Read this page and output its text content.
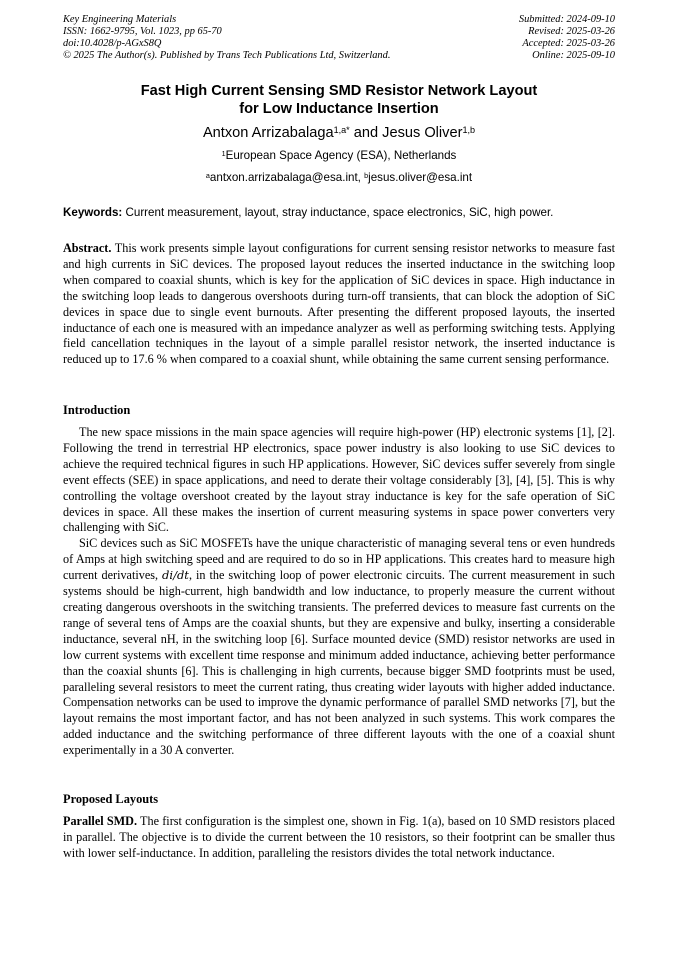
Key Engineering Materials
ISSN: 1662-9795, Vol. 1023, pp 65-70
doi:10.4028/p-AGxS8Q
© 2025 The Author(s). Published by Trans Tech Publications Ltd, Switzerland.
Submitted: 2024-09-10
Revised: 2025-03-26
Accepted: 2025-03-26
Online: 2025-09-10
Fast High Current Sensing SMD Resistor Network Layout
for Low Inductance Insertion
Antxon Arrizabalaga$^{1,a*}$ and Jesus Oliver$^{1,b}$
$^1$European Space Agency (ESA), Netherlands
$^a$antxon.arrizabalaga@esa.int, $^b$jesus.oliver@esa.int
Keywords: Current measurement, layout, stray inductance, space electronics, SiC, high power.
Abstract. This work presents simple layout configurations for current sensing resistor networks to measure fast and high currents in SiC devices. The proposed layout reduces the inserted inductance in the switching loop when compared to coaxial shunts, which is key for the application of SiC devices in space. High inductance in the switching loop leads to dangerous overshoots during turn-off transients, that can block the adoption of SiC devices in space due to single event burnouts. After presenting the different proposed layouts, the inserted inductance of each one is measured with an impedance analyzer as well as performing switching tests. Applying field cancellation techniques in the layout of a simple parallel resistor network, the inserted inductance is reduced up to 17.6 % when compared to a coaxial shunt, while obtaining the same current sensing performance.
Introduction

The new space missions in the main space agencies will require high-power (HP) electronic systems [1], [2]. Following the trend in terrestrial HP electronics, space power industry is also looking to use SiC devices to achieve the required technical figures in such HP applications. However, SiC devices suffer severely from single event effects (SEE) in space applications, and need to derate their voltage considerably [3], [4], [5]. This is why controlling the voltage overshoot created by the layout stray inductance is key for the safe operation of SiC devices in space. All these makes the insertion of current measuring systems in space power converters very challenging with SiC.

SiC devices such as SiC MOSFETs have the unique characteristic of managing several tens or even hundreds of Amps at high switching speed and are required to do so in HP applications. This creates hard to measure high current derivatives, di/dt, in the switching loop of power electronic circuits. The current measurement in such systems should be high-current, high bandwidth and low inductance, to properly measure the current without creating dangerous overshoots in the switching transients. The preferred devices to measure fast currents on the range of several tens of Amps are the coaxial shunts, but they are expensive and bulky, inserting a considerable inductance, several nH, in the switching loop [6]. Surface mounted device (SMD) resistor networks are used in low current systems with excellent time response and minimum added inductance, achieving better performance than the coaxial shunts [6]. This is challenging in high currents, because bigger SMD footprints must be used, paralleling several resistors to meet the current rating, thus creating wider layouts with higher added inductance. Compensation networks can be used to improve the dynamic performance of parallel SMD networks [7], but the layout remains the most important factor, and has not been analyzed in such systems. This work compares the added inductance and the switching performance of three different layouts with the one of a coaxial shunt experimentally in a 30 A converter.

Proposed Layouts
Parallel SMD. The first configuration is the simplest one, shown in Fig. 1(a), based on 10 SMD resistors placed in parallel. The objective is to divide the current between the 10 resistors, so their footprint can be smaller thus with lower self-inductance. In addition, paralleling the resistors divides the total network inductance.
